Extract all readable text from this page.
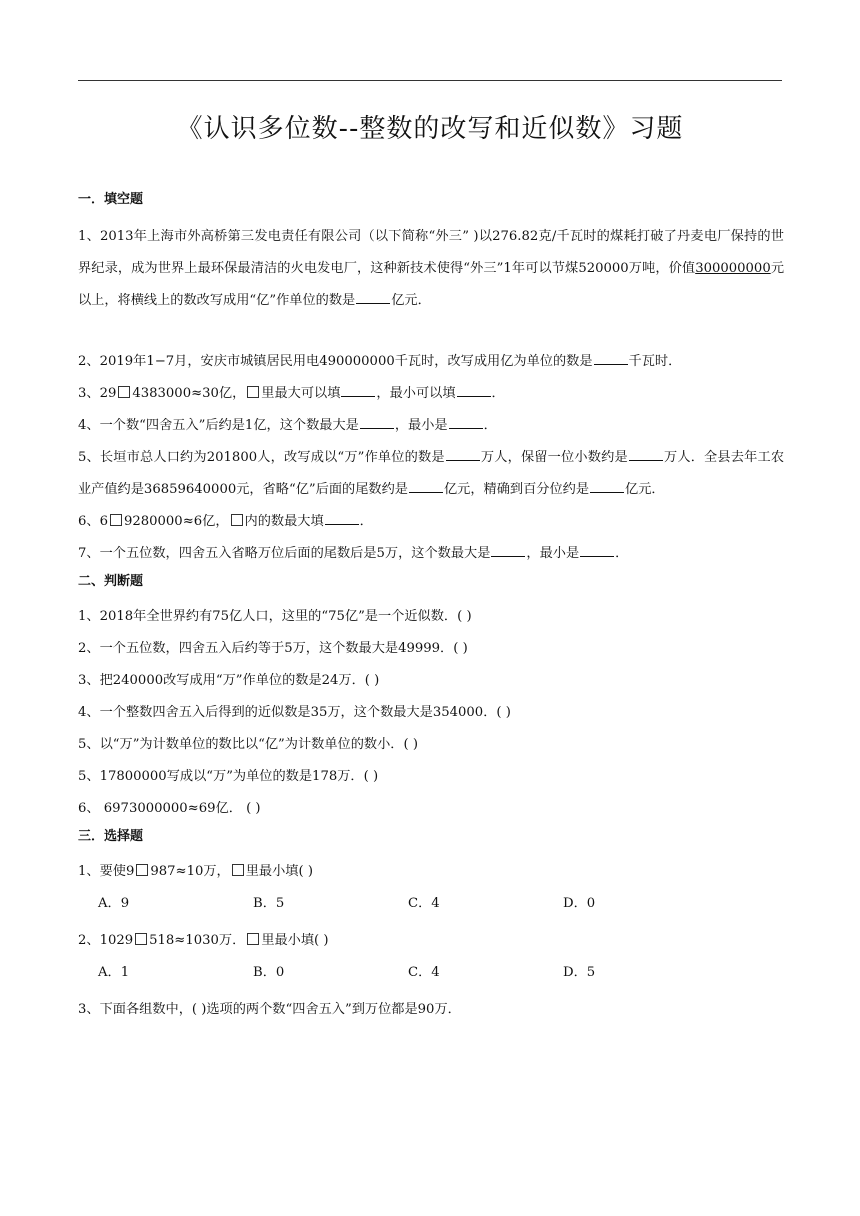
《认识多位数--整数的改写和近似数》习题
一．填空题
1、2013年上海市外高桥第三发电责任有限公司（以下简称“外三” )以276.82克/千瓦时的煤耗打破了丹麦电厂保持的世界纪录，成为世界上最环保最清洁的火电发电厂，这种新技术使得“外三”1年可以节煤520000万吨，价值300000000元以上，将横线上的数改写成用“亿”作单位的数是	亿元．
2、2019年1−7月，安庆市城镇居民用电490000000千瓦时，改写成用亿为单位的数是	千瓦时．
3、29 4383000≈30亿， 里最大可以填	，最小可以填	．
4、一个数“四舍五入”后约是1亿，这个数最大是	，最小是	．
5、长垣市总人口约为201800人，改写成以“万”作单位的数是	万人，保留一位小数约是	万人．全县去年工农业产值约是36859640000元，省略“亿”后面的尾数约是	亿元，精确到百分位约是	亿元．
6、6 9280000≈6亿， 内的数最大填	．
7、一个五位数，四舍五入省略万位后面的尾数后是5万，这个数最大是	，最小是	．
二、判断题
1、2018年全世界约有75亿人口，这里的“75亿”是一个近似数．( )
2、一个五位数，四舍五入后约等于5万，这个数最大是49999．( )
3、把240000改写成用“万”作单位的数是24万．( )
4、一个整数四舍五入后得到的近似数是35万，这个数最大是354000．( )
5、以“万”为计数单位的数比以“亿”为计数单位的数小．( )
5、17800000写成以“万”为单位的数是178万．( )
6、 6973000000≈69亿． ( )
三．选择题
1、要使9 987≈10万， 里最小填( )
A．9	B．5	C．4	D．0
2、1029 518≈1030万． 里最小填( )
A．1	B．0	C．4	D．5
3、下面各组数中，( )选项的两个数“四舍五入”到万位都是90万．
